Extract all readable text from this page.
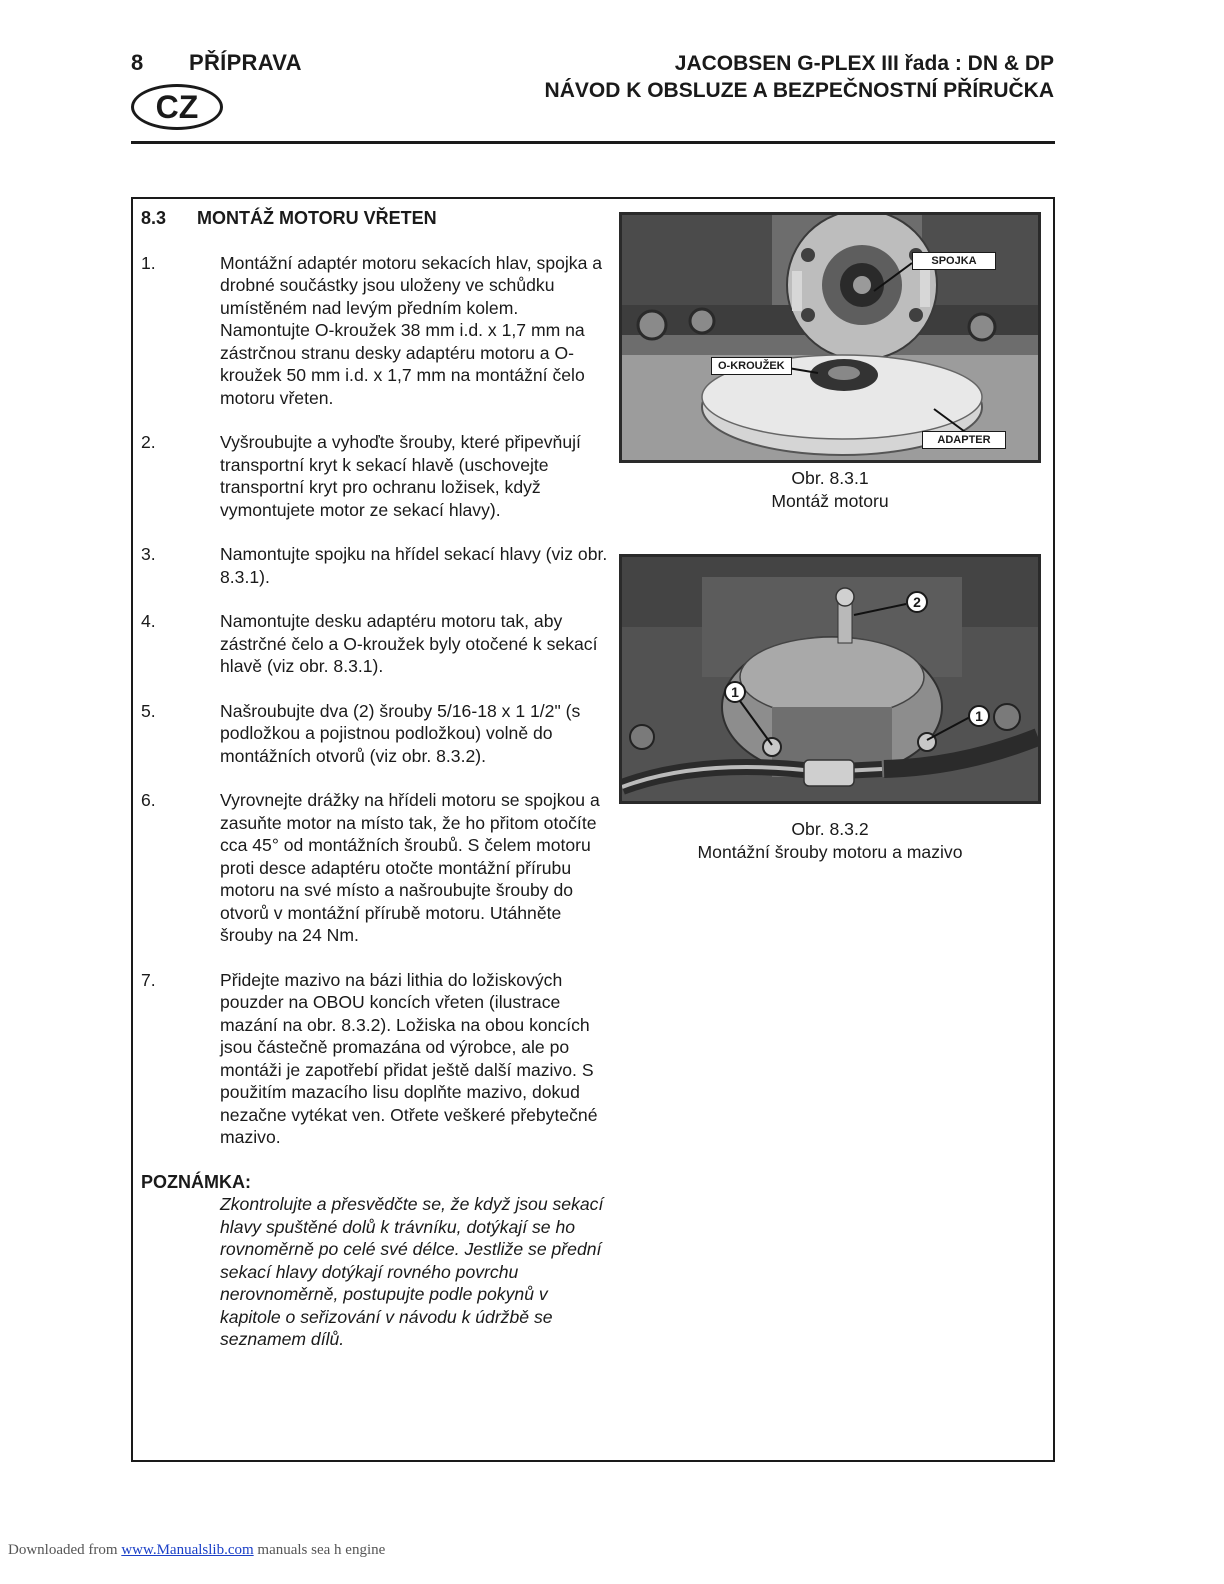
8 PŘÍPRAVA
CZ
JACOBSEN G-PLEX III řada : DN & DP
NÁVOD K OBSLUZE A BEZPEČNOSTNÍ PŘÍRUČKA
8.3 MONTÁŽ MOTORU VŘETEN
1.	Montážní adaptér motoru sekacích hlav, spojka a drobné součástky jsou uloženy ve schůdku umístěném nad levým předním kolem. Namontujte O-kroužek 38 mm i.d. x 1,7 mm na zástrčnou stranu desky adaptéru motoru a O-kroužek 50 mm i.d. x 1,7 mm na montážní čelo motoru vřeten.
2.	Vyšroubujte a vyhoďte šrouby, které připevňují transportní kryt k sekací hlavě (uschovejte transportní kryt pro ochranu ložisek, když vymontujete motor ze sekací hlavy).
3.	Namontujte spojku na hřídel sekací hlavy (viz obr. 8.3.1).
4.	Namontujte desku adaptéru motoru tak, aby zástrčné čelo a O-kroužek byly otočené k sekací hlavě (viz obr. 8.3.1).
5.	Našroubujte dva (2) šrouby 5/16-18 x 1 1/2" (s podložkou a pojistnou podložkou) volně do montážních otvorů (viz obr. 8.3.2).
6.	Vyrovnejte drážky na hřídeli motoru se spojkou a zasuňte motor na místo tak, že ho přitom otočíte cca 45° od montážních šroubů. S čelem motoru proti desce adaptéru otočte montážní přírubu motoru na své místo a našroubujte šrouby do otvorů v montážní přírubě motoru. Utáhněte šrouby na 24 Nm.
7.	Přidejte mazivo na bázi lithia do ložiskových pouzder na OBOU koncích vřeten (ilustrace mazání na obr. 8.3.2). Ložiska na obou koncích jsou částečně promazána od výrobce, ale po montáži je zapotřebí přidat ještě další mazivo. S použitím mazacího lisu doplňte mazivo, dokud nezačne vytékat ven. Otřete veškeré přebytečné mazivo.
POZNÁMKA:
Zkontrolujte a přesvědčte se, že když jsou sekací hlavy spuštěné dolů k trávníku, dotýkají se ho rovnoměrně po celé své délce. Jestliže se přední sekací hlavy dotýkají rovného povrchu nerovnoměrně, postupujte podle pokynů v kapitole o seřizování v návodu k údržbě se seznamem dílů.
SPOJKA
O-KROUŽEK
ADAPTER
Obr. 8.3.1
Montáž motoru
2
1
1
Obr. 8.3.2
Montážní šrouby motoru a mazivo
Downloaded from www.Manualslib.com manuals sea h engine
